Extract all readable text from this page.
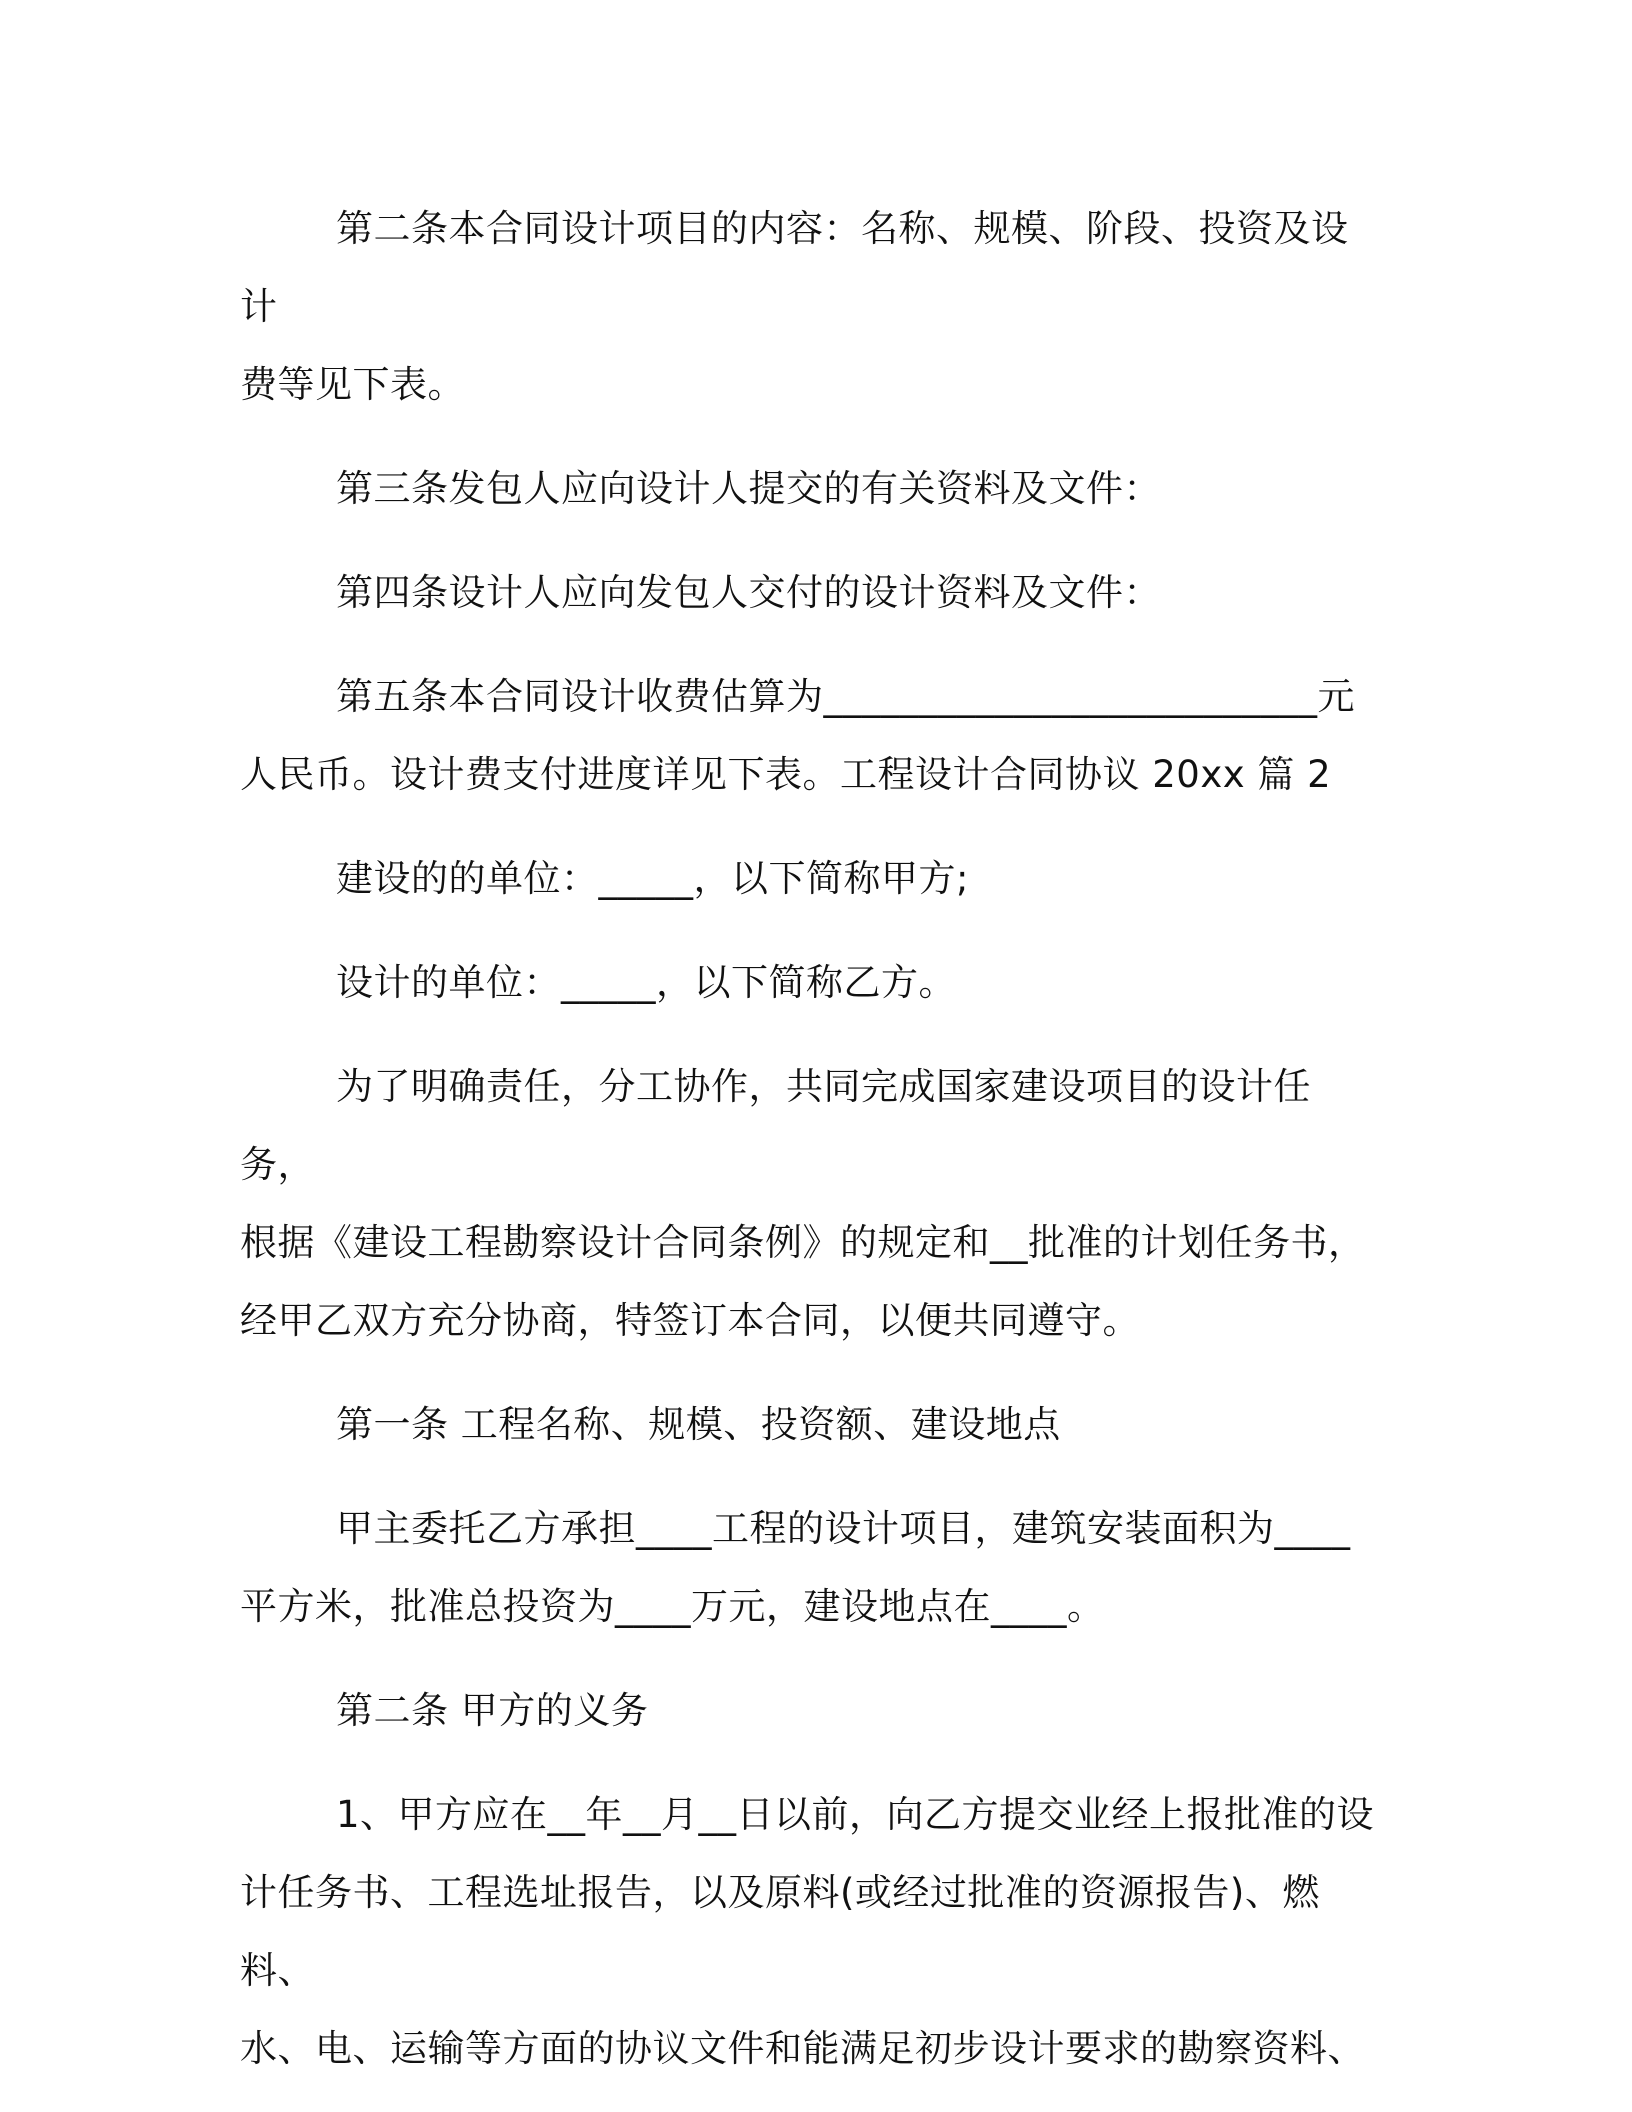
第二条本合同设计项目的内容：名称、规模、阶段、投资及设计
费等见下表。

第三条发包人应向设计人提交的有关资料及文件：

第四条设计人应向发包人交付的设计资料及文件：

第五条本合同设计收费估算为__________________________元
人民币。设计费支付进度详见下表。工程设计合同协议 20xx 篇 2

建设的的单位：_____，以下简称甲方;

设计的单位：_____，以下简称乙方。

为了明确责任，分工协作，共同完成国家建设项目的设计任务，
根据《建设工程勘察设计合同条例》的规定和__批准的计划任务书，
经甲乙双方充分协商，特签订本合同，以便共同遵守。

第一条 工程名称、规模、投资额、建设地点

甲主委托乙方承担____工程的设计项目，建筑安装面积为____
平方米，批准总投资为____万元，建设地点在____。

第二条 甲方的义务

1、甲方应在__年__月__日以前，向乙方提交业经上报批准的设
计任务书、工程选址报告，以及原料(或经过批准的资源报告)、燃料、
水、电、运输等方面的协议文件和能满足初步设计要求的勘察资料、
